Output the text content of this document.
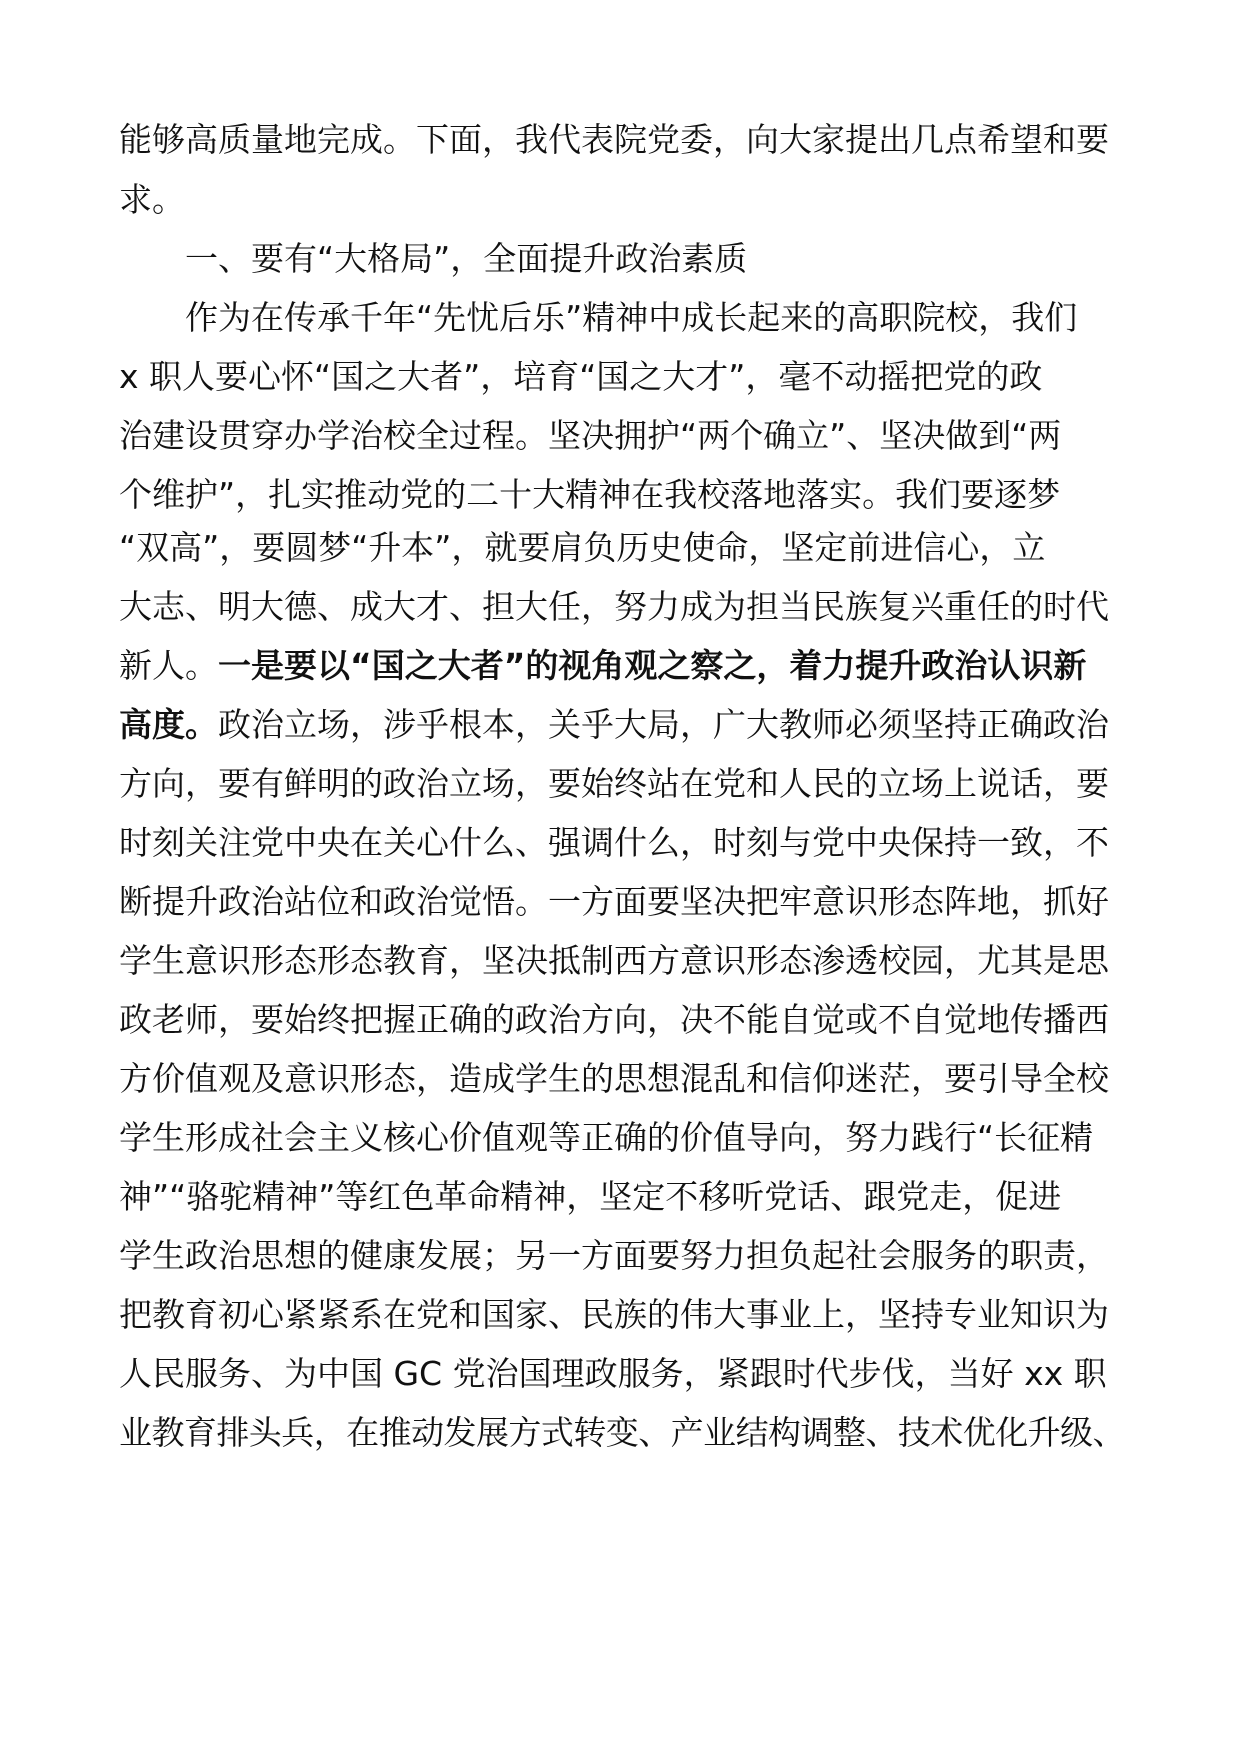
能够高质量地完成。下面，我代表院党委，向大家提出几点希望和要
求。
一、要有“大格局”，全面提升政治素质
作为在传承千年“先忧后乐”精神中成长起来的高职院校，我们
x 职人要心怀“国之大者”，培育“国之大才”，毫不动摇把党的政
治建设贯穿办学治校全过程。坚决拥护“两个确立”、坚决做到“两
个维护”，扎实推动党的二十大精神在我校落地落实。我们要逐梦
“双高”，要圆梦“升本”，就要肩负历史使命，坚定前进信心，立
大志、明大德、成大才、担大任，努力成为担当民族复兴重任的时代
新人。一是要以“国之大者”的视角观之察之，着力提升政治认识新
高度。政治立场，涉乎根本，关乎大局，广大教师必须坚持正确政治
方向，要有鲜明的政治立场，要始终站在党和人民的立场上说话，要
时刻关注党中央在关心什么、强调什么，时刻与党中央保持一致，不
断提升政治站位和政治觉悟。一方面要坚决把牢意识形态阵地，抓好
学生意识形态形态教育，坚决抵制西方意识形态渗透校园，尤其是思
政老师，要始终把握正确的政治方向，决不能自觉或不自觉地传播西
方价值观及意识形态，造成学生的思想混乱和信仰迷茫，要引导全校
学生形成社会主义核心价值观等正确的价值导向，努力践行“长征精
神”“骆驼精神”等红色革命精神，坚定不移听党话、跟党走，促进
学生政治思想的健康发展；另一方面要努力担负起社会服务的职责，
把教育初心紧紧系在党和国家、民族的伟大事业上，坚持专业知识为
人民服务、为中国 GC 党治国理政服务，紧跟时代步伐，当好 xx 职
业教育排头兵，在推动发展方式转变、产业结构调整、技术优化升级、
